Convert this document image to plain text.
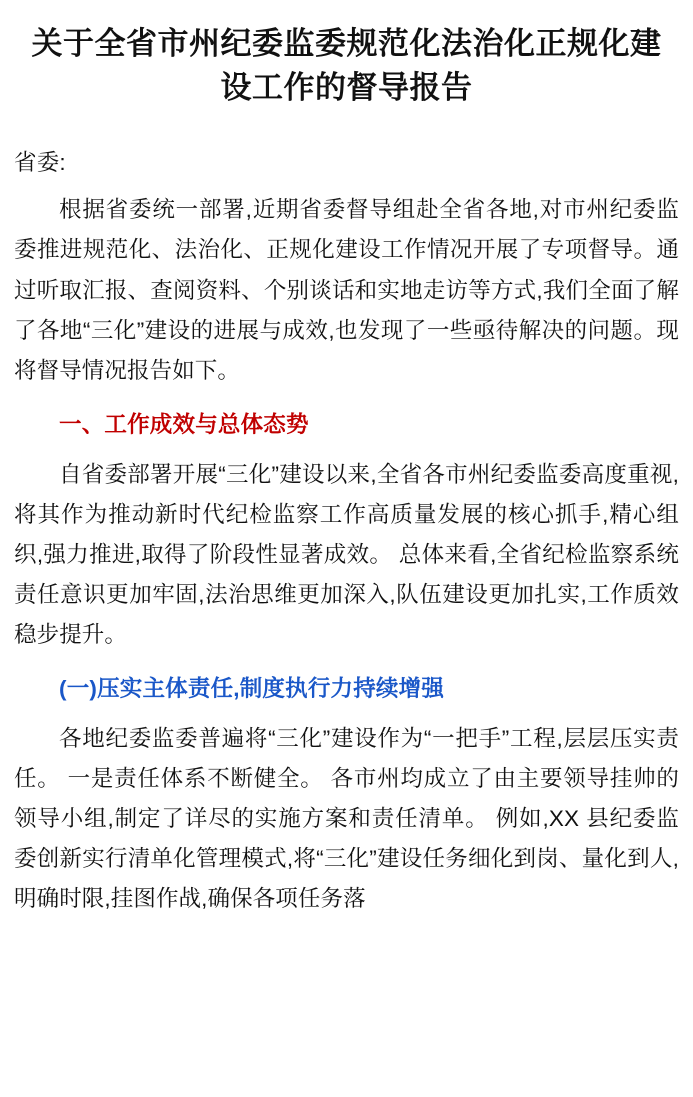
关于全省市州纪委监委规范化法治化正规化建设工作的督导报告
省委:

根据省委统一部署,近期省委督导组赴全省各地,对市州纪委监委推进规范化、法治化、正规化建设工作情况开展了专项督导。通过听取汇报、查阅资料、个别谈话和实地走访等方式,我们全面了解了各地“三化”建设的进展与成效,也发现了一些亟待解决的问题。现将督导情况报告如下。

一、工作成效与总体态势

自省委部署开展“三化”建设以来,全省各市州纪委监委高度重视,将其作为推动新时代纪检监察工作高质量发展的核心抓手,精心组织,强力推进,取得了阶段性显著成效。 总体来看,全省纪检监察系统责任意识更加牢固,法治思维更加深入,队伍建设更加扎实,工作质效稳步提升。

(一)压实主体责任,制度执行力持续增强

各地纪委监委普遍将“三化”建设作为“一把手”工程,层层压实责任。 一是责任体系不断健全。 各市州均成立了由主要领导挂帅的领导小组,制定了详尽的实施方案和责任清单。 例如,XX 县纪委监委创新实行清单化管理模式,将“三化”建设任务细化到岗、量化到人,明确时限,挂图作战,确保各项任务落
